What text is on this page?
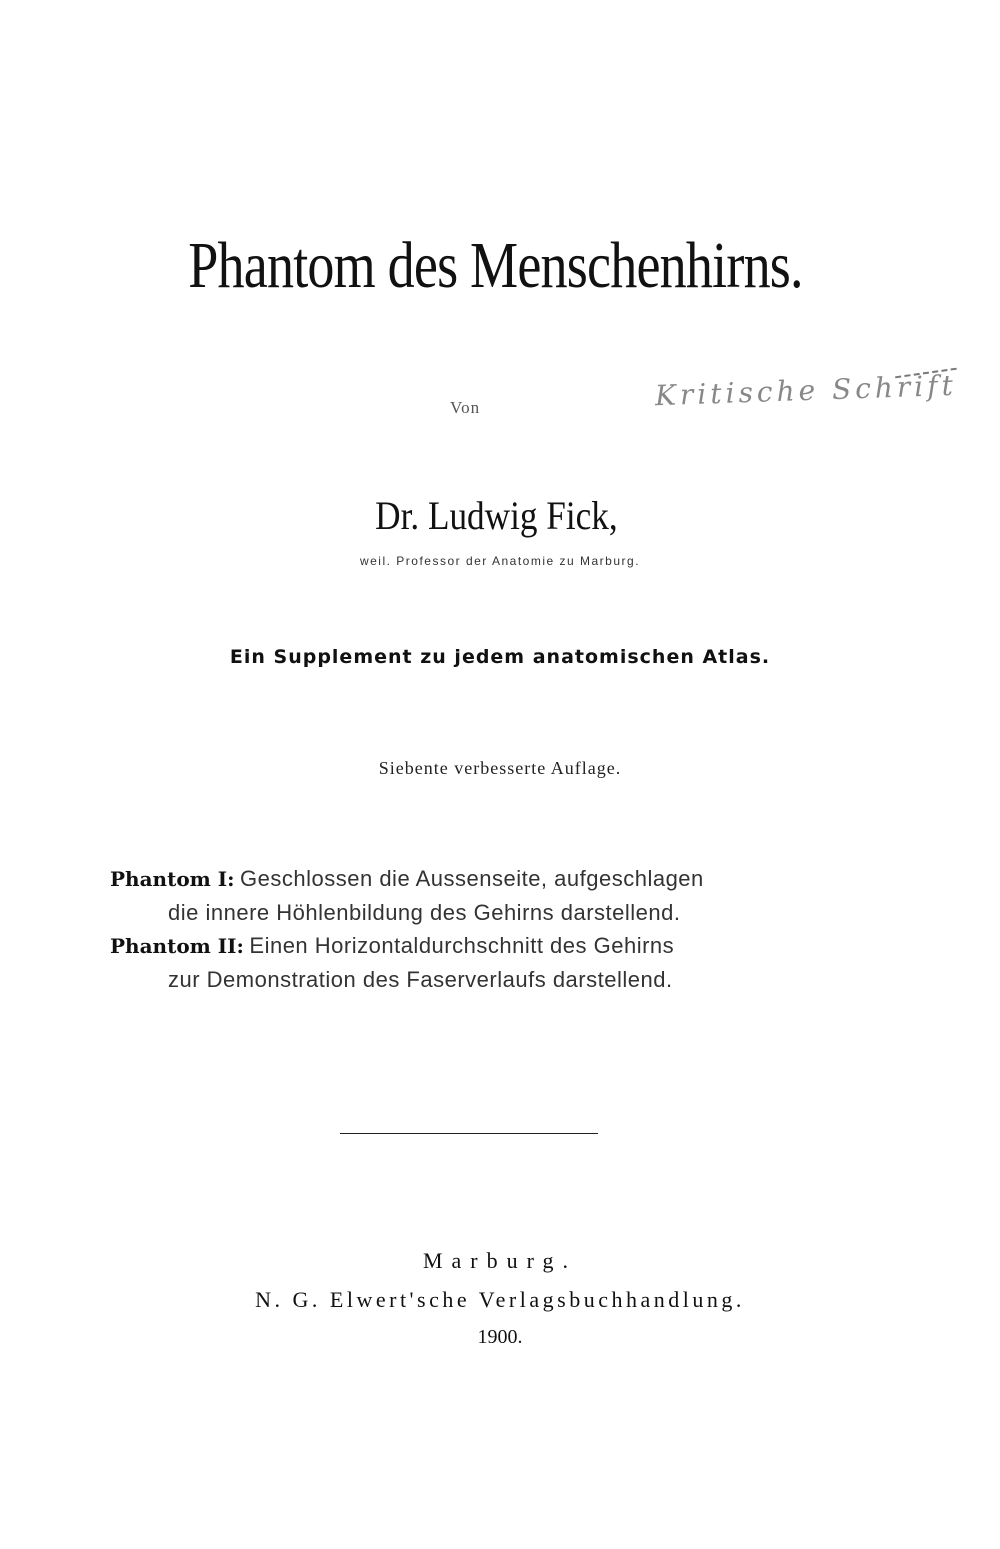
Phantom des Menschenhirns.
Von	Kritische Schrift
Dr. Ludwig Fick,
weil. Professor der Anatomie zu Marburg.
Ein Supplement zu jedem anatomischen Atlas.
Siebente verbesserte Auflage.
Phantom I: Geschlossen die Aussenseite, aufgeschlagen
die innere Höhlenbildung des Gehirns darstellend.
Phantom II: Einen Horizontaldurchschnitt des Gehirns
zur Demonstration des Faserverlaufs darstellend.
Marburg.
N. G. Elwert'sche Verlagsbuchhandlung.
1900.
